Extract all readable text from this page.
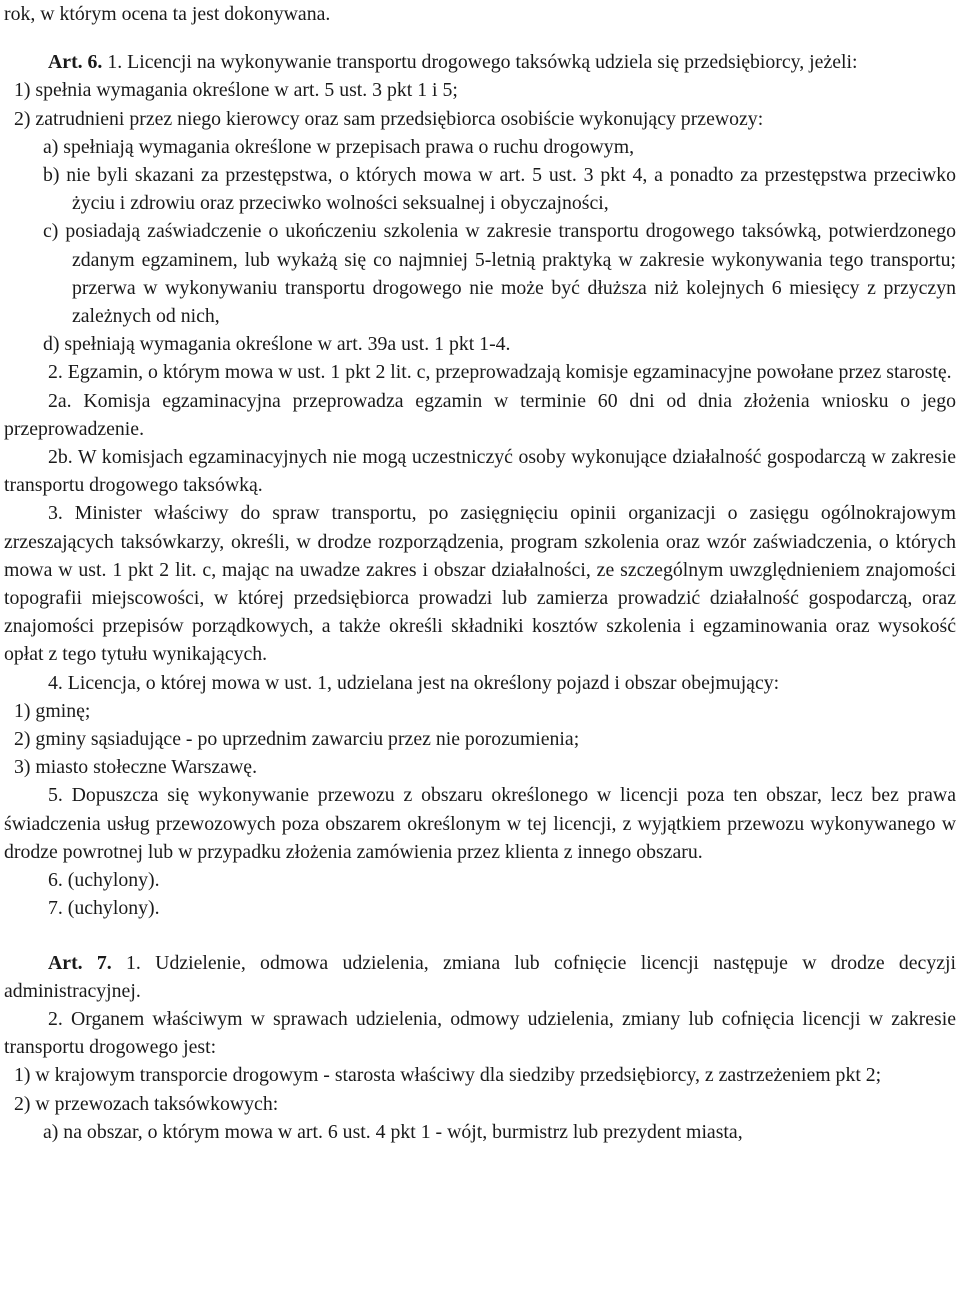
rok, w którym ocena ta jest dokonywana.

Art. 6. 1. Licencji na wykonywanie transportu drogowego taksówką udziela się przedsiębiorcy, jeżeli:

1) spełnia wymagania określone w art. 5 ust. 3 pkt 1 i 5;

2) zatrudnieni przez niego kierowcy oraz sam przedsiębiorca osobiście wykonujący przewozy:

a) spełniają wymagania określone w przepisach prawa o ruchu drogowym,

b) nie byli skazani za przestępstwa, o których mowa w art. 5 ust. 3 pkt 4, a ponadto za przestępstwa przeciwko życiu i zdrowiu oraz przeciwko wolności seksualnej i obyczajności,

c) posiadają zaświadczenie o ukończeniu szkolenia w zakresie transportu drogowego taksówką, potwierdzonego zdanym egzaminem, lub wykażą się co najmniej 5-letnią praktyką w zakresie wykonywania tego transportu; przerwa w wykonywaniu transportu drogowego nie może być dłuższa niż kolejnych 6 miesięcy z przyczyn zależnych od nich,

d) spełniają wymagania określone w art. 39a ust. 1 pkt 1-4.

2. Egzamin, o którym mowa w ust. 1 pkt 2 lit. c, przeprowadzają komisje egzaminacyjne powołane przez starostę.

2a. Komisja egzaminacyjna przeprowadza egzamin w terminie 60 dni od dnia złożenia wniosku o jego przeprowadzenie.

2b. W komisjach egzaminacyjnych nie mogą uczestniczyć osoby wykonujące działalność gospodarczą w zakresie transportu drogowego taksówką.

3. Minister właściwy do spraw transportu, po zasięgnięciu opinii organizacji o zasięgu ogólnokrajowym zrzeszających taksówkarzy, określi, w drodze rozporządzenia, program szkolenia oraz wzór zaświadczenia, o których mowa w ust. 1 pkt 2 lit. c, mając na uwadze zakres i obszar działalności, ze szczególnym uwzględnieniem znajomości topografii miejscowości, w której przedsiębiorca prowadzi lub zamierza prowadzić działalność gospodarczą, oraz znajomości przepisów porządkowych, a także określi składniki kosztów szkolenia i egzaminowania oraz wysokość opłat z tego tytułu wynikających.

4. Licencja, o której mowa w ust. 1, udzielana jest na określony pojazd i obszar obejmujący:

1) gminę;

2) gminy sąsiadujące - po uprzednim zawarciu przez nie porozumienia;

3) miasto stołeczne Warszawę.

5. Dopuszcza się wykonywanie przewozu z obszaru określonego w licencji poza ten obszar, lecz bez prawa świadczenia usług przewozowych poza obszarem określonym w tej licencji, z wyjątkiem przewozu wykonywanego w drodze powrotnej lub w przypadku złożenia zamówienia przez klienta z innego obszaru.

6. (uchylony).

7. (uchylony).

Art. 7. 1. Udzielenie, odmowa udzielenia, zmiana lub cofnięcie licencji następuje w drodze decyzji administracyjnej.

2. Organem właściwym w sprawach udzielenia, odmowy udzielenia, zmiany lub cofnięcia licencji w zakresie transportu drogowego jest:

1) w krajowym transporcie drogowym - starosta właściwy dla siedziby przedsiębiorcy, z zastrzeżeniem pkt 2;

2) w przewozach taksówkowych:

a) na obszar, o którym mowa w art. 6 ust. 4 pkt 1 - wójt, burmistrz lub prezydent miasta,
